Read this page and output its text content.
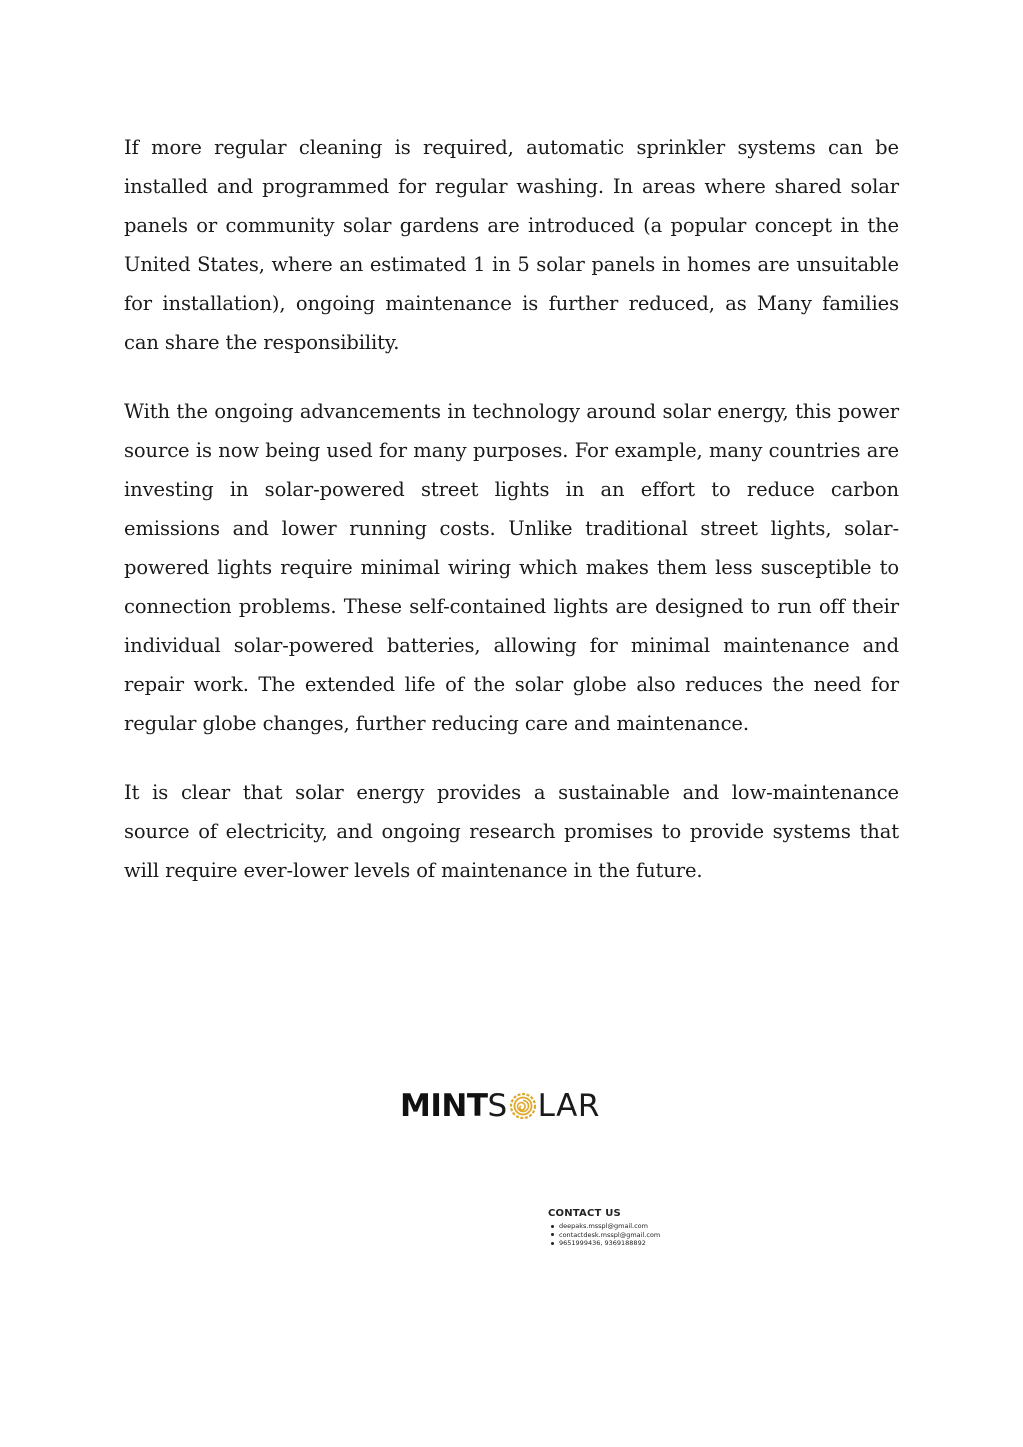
If more regular cleaning is required, automatic sprinkler systems can be installed and programmed for regular washing. In areas where shared solar panels or community solar gardens are introduced (a popular concept in the United States, where an estimated 1 in 5 solar panels in homes are unsuitable for installation), ongoing maintenance is further reduced, as Many families can share the responsibility.

With the ongoing advancements in technology around solar energy, this power source is now being used for many purposes. For example, many countries are investing in solar-powered street lights in an effort to reduce carbon emissions and lower running costs. Unlike traditional street lights, solar-powered lights require minimal wiring which makes them less susceptible to connection problems. These self-contained lights are designed to run off their individual solar-powered batteries, allowing for minimal maintenance and repair work. The extended life of the solar globe also reduces the need for regular globe changes, further reducing care and maintenance.

It is clear that solar energy provides a sustainable and low-maintenance source of electricity, and ongoing research promises to provide systems that will require ever-lower levels of maintenance in the future.

MINT S LAR
CONTACT US
deepaks.msspl@gmail.com
contactdesk.msspl@gmail.com
9651999436, 9369188892
